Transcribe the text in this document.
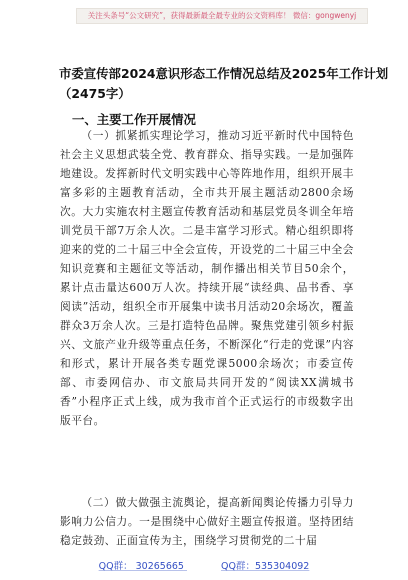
关注头条号“公文研究”，获得最新最全最专业的公文资料库！ 微信：gongwenyj
市委宣传部2024意识形态工作情况总结及2025年工作计划
（2475字）
一、主要工作开展情况

（一）抓紧抓实理论学习，推动习近平新时代中国特色社会主义思想武装全党、教育群众、指导实践。一是加强阵地建设。发挥新时代文明实践中心等阵地作用，组织开展丰富多彩的主题教育活动，全市共开展主题活动2800余场次。大力实施农村主题宣传教育活动和基层党员冬训全年培训党员干部7万余人次。二是丰富学习形式。精心组织即将迎来的党的二十届三中全会宣传，开设党的二十届三中全会知识竞赛和主题征文等活动，制作播出相关节目50余个，累计点击量达600万人次。持续开展“读经典、品书香、享阅读”活动，组织全市开展集中读书月活动20余场次，覆盖群众3万余人次。三是打造特色品牌。聚焦党建引领乡村振兴、文旅产业升级等重点任务，不断深化“行走的党课”内容和形式，累计开展各类专题党课5000余场次；市委宣传部、市委网信办、市文旅局共同开发的“阅读XX满城书香”小程序正式上线，成为我市首个正式运行的市级数字出版平台。

（二）做大做强主流舆论，提高新闻舆论传播力引导力影响力公信力。一是围绕中心做好主题宣传报道。坚持团结稳定鼓劲、正面宣传为主，围绕学习贯彻党的二十届

QQ群： 30265665	QQ群：535304092
